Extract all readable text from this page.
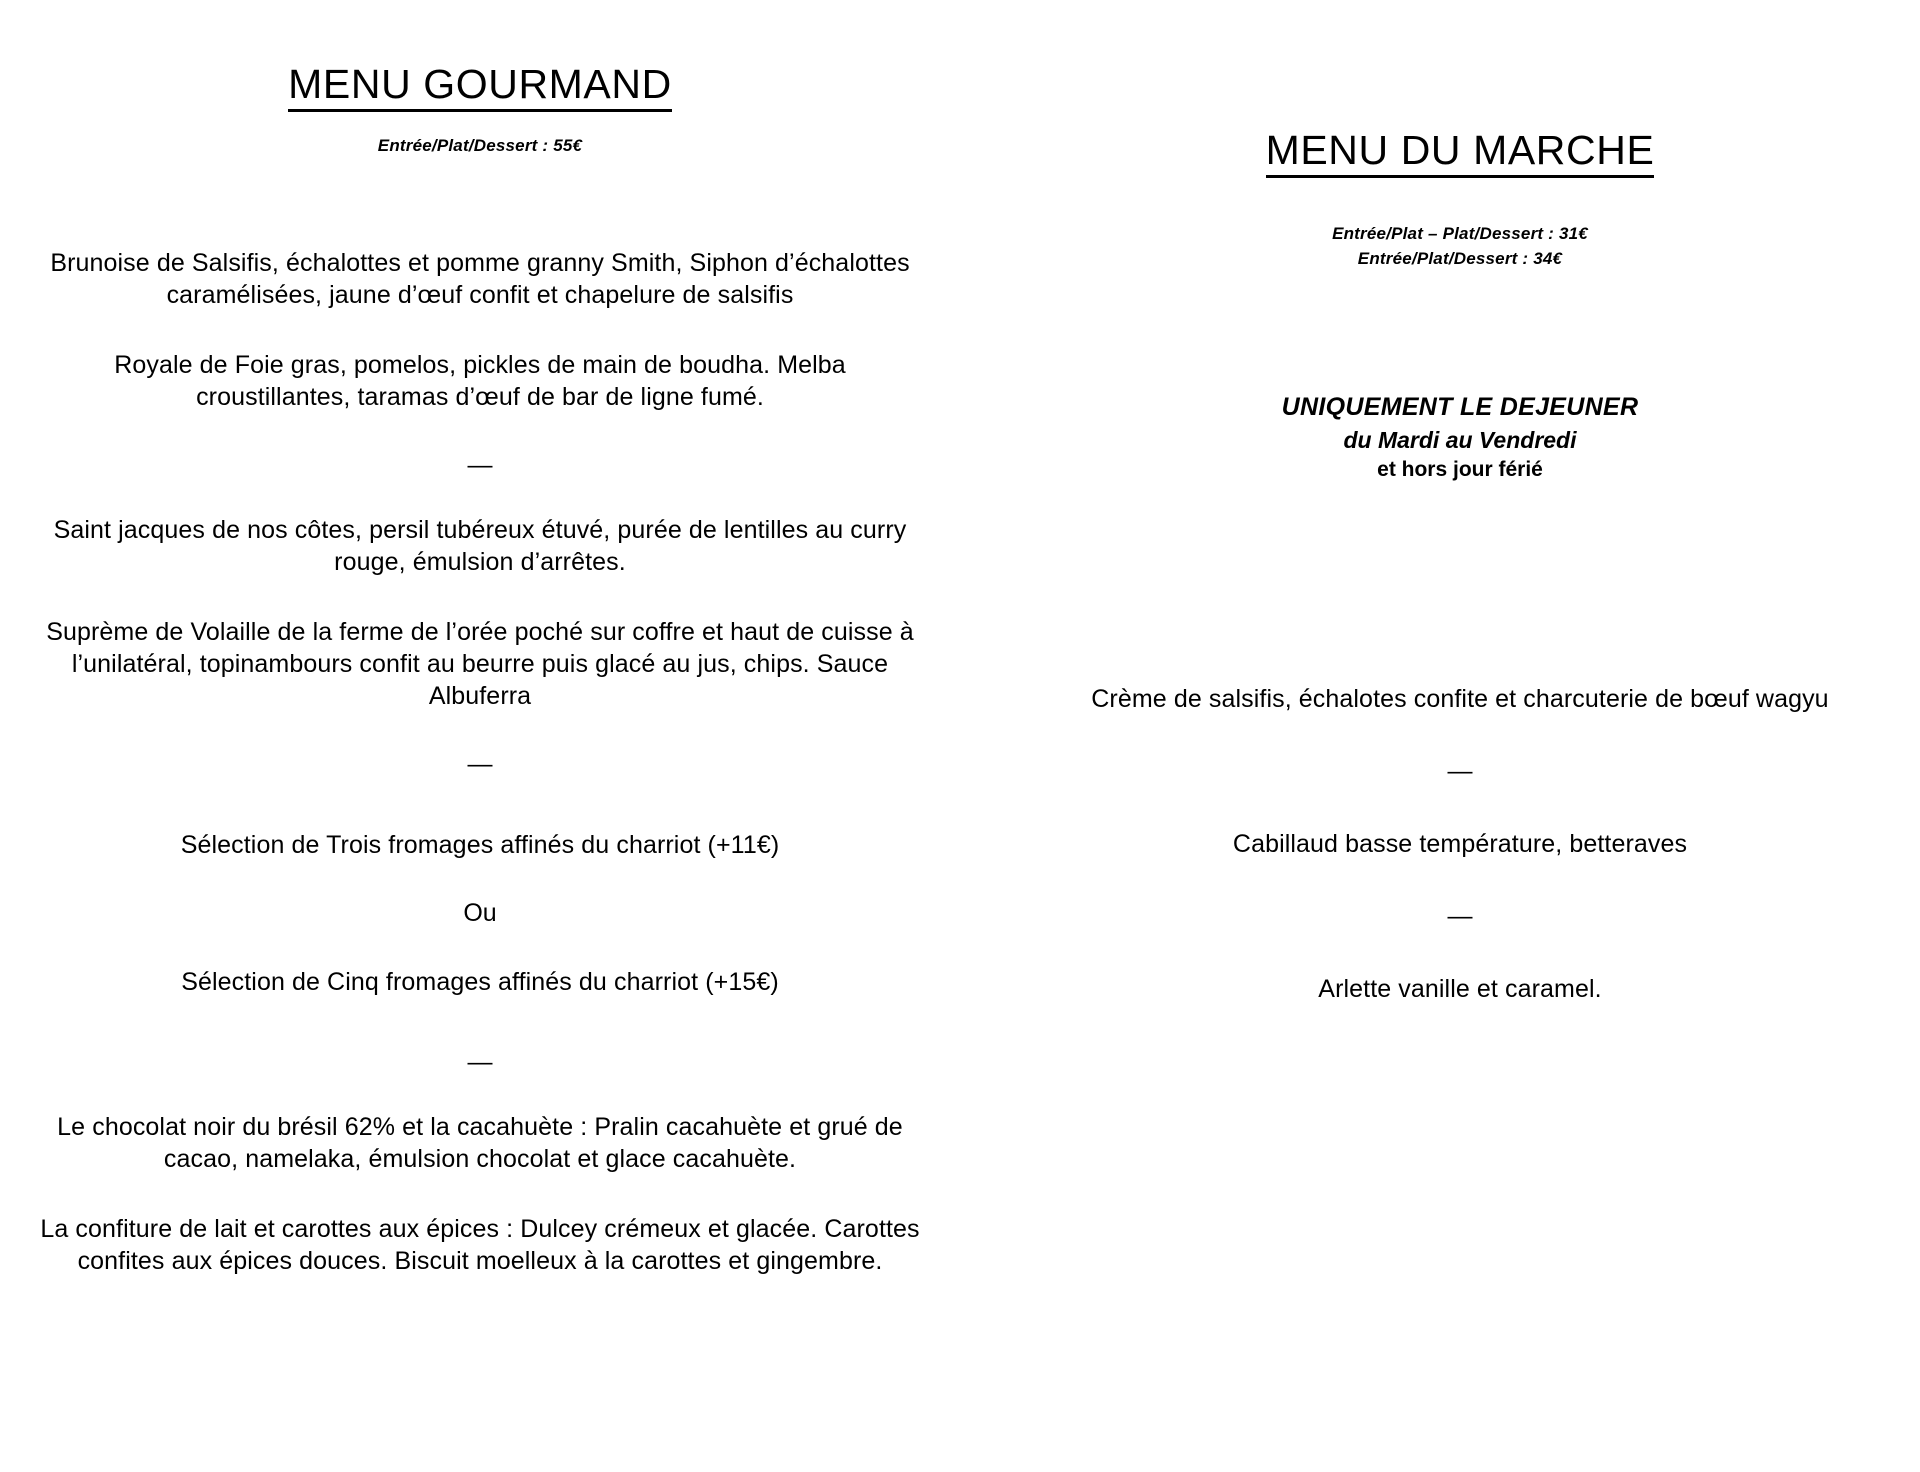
MENU GOURMAND

Entrée/Plat/Dessert : 55€

Brunoise de Salsifis, échalottes et pomme granny Smith, Siphon d’échalottes caramélisées, jaune d’œuf confit et chapelure de salsifis

Royale de Foie gras, pomelos, pickles de main de boudha. Melba croustillantes, taramas d’œuf de bar de ligne fumé.

—

Saint jacques de nos côtes, persil tubéreux étuvé, purée de lentilles au curry rouge, émulsion d’arrêtes.

Suprème de Volaille de la ferme de l’orée poché sur coffre et haut de cuisse à l’unilatéral, topinambours confit au beurre puis glacé au jus, chips. Sauce Albuferra

—

Sélection de Trois fromages affinés du charriot (+11€)

Ou

Sélection de Cinq fromages affinés du charriot (+15€)

—

Le chocolat noir du brésil 62% et la cacahuète : Pralin cacahuète et grué de cacao, namelaka, émulsion chocolat et glace cacahuète.

La confiture de lait et carottes aux épices : Dulcey crémeux et glacée. Carottes confites aux épices douces. Biscuit moelleux à la carottes et gingembre.

MENU DU MARCHE

Entrée/Plat – Plat/Dessert : 31€

Entrée/Plat/Dessert : 34€

UNIQUEMENT LE DEJEUNER

du Mardi au Vendredi

et hors jour férié

Crème de salsifis, échalotes confite et charcuterie de bœuf wagyu

—

Cabillaud basse température, betteraves

—

Arlette vanille et caramel.
